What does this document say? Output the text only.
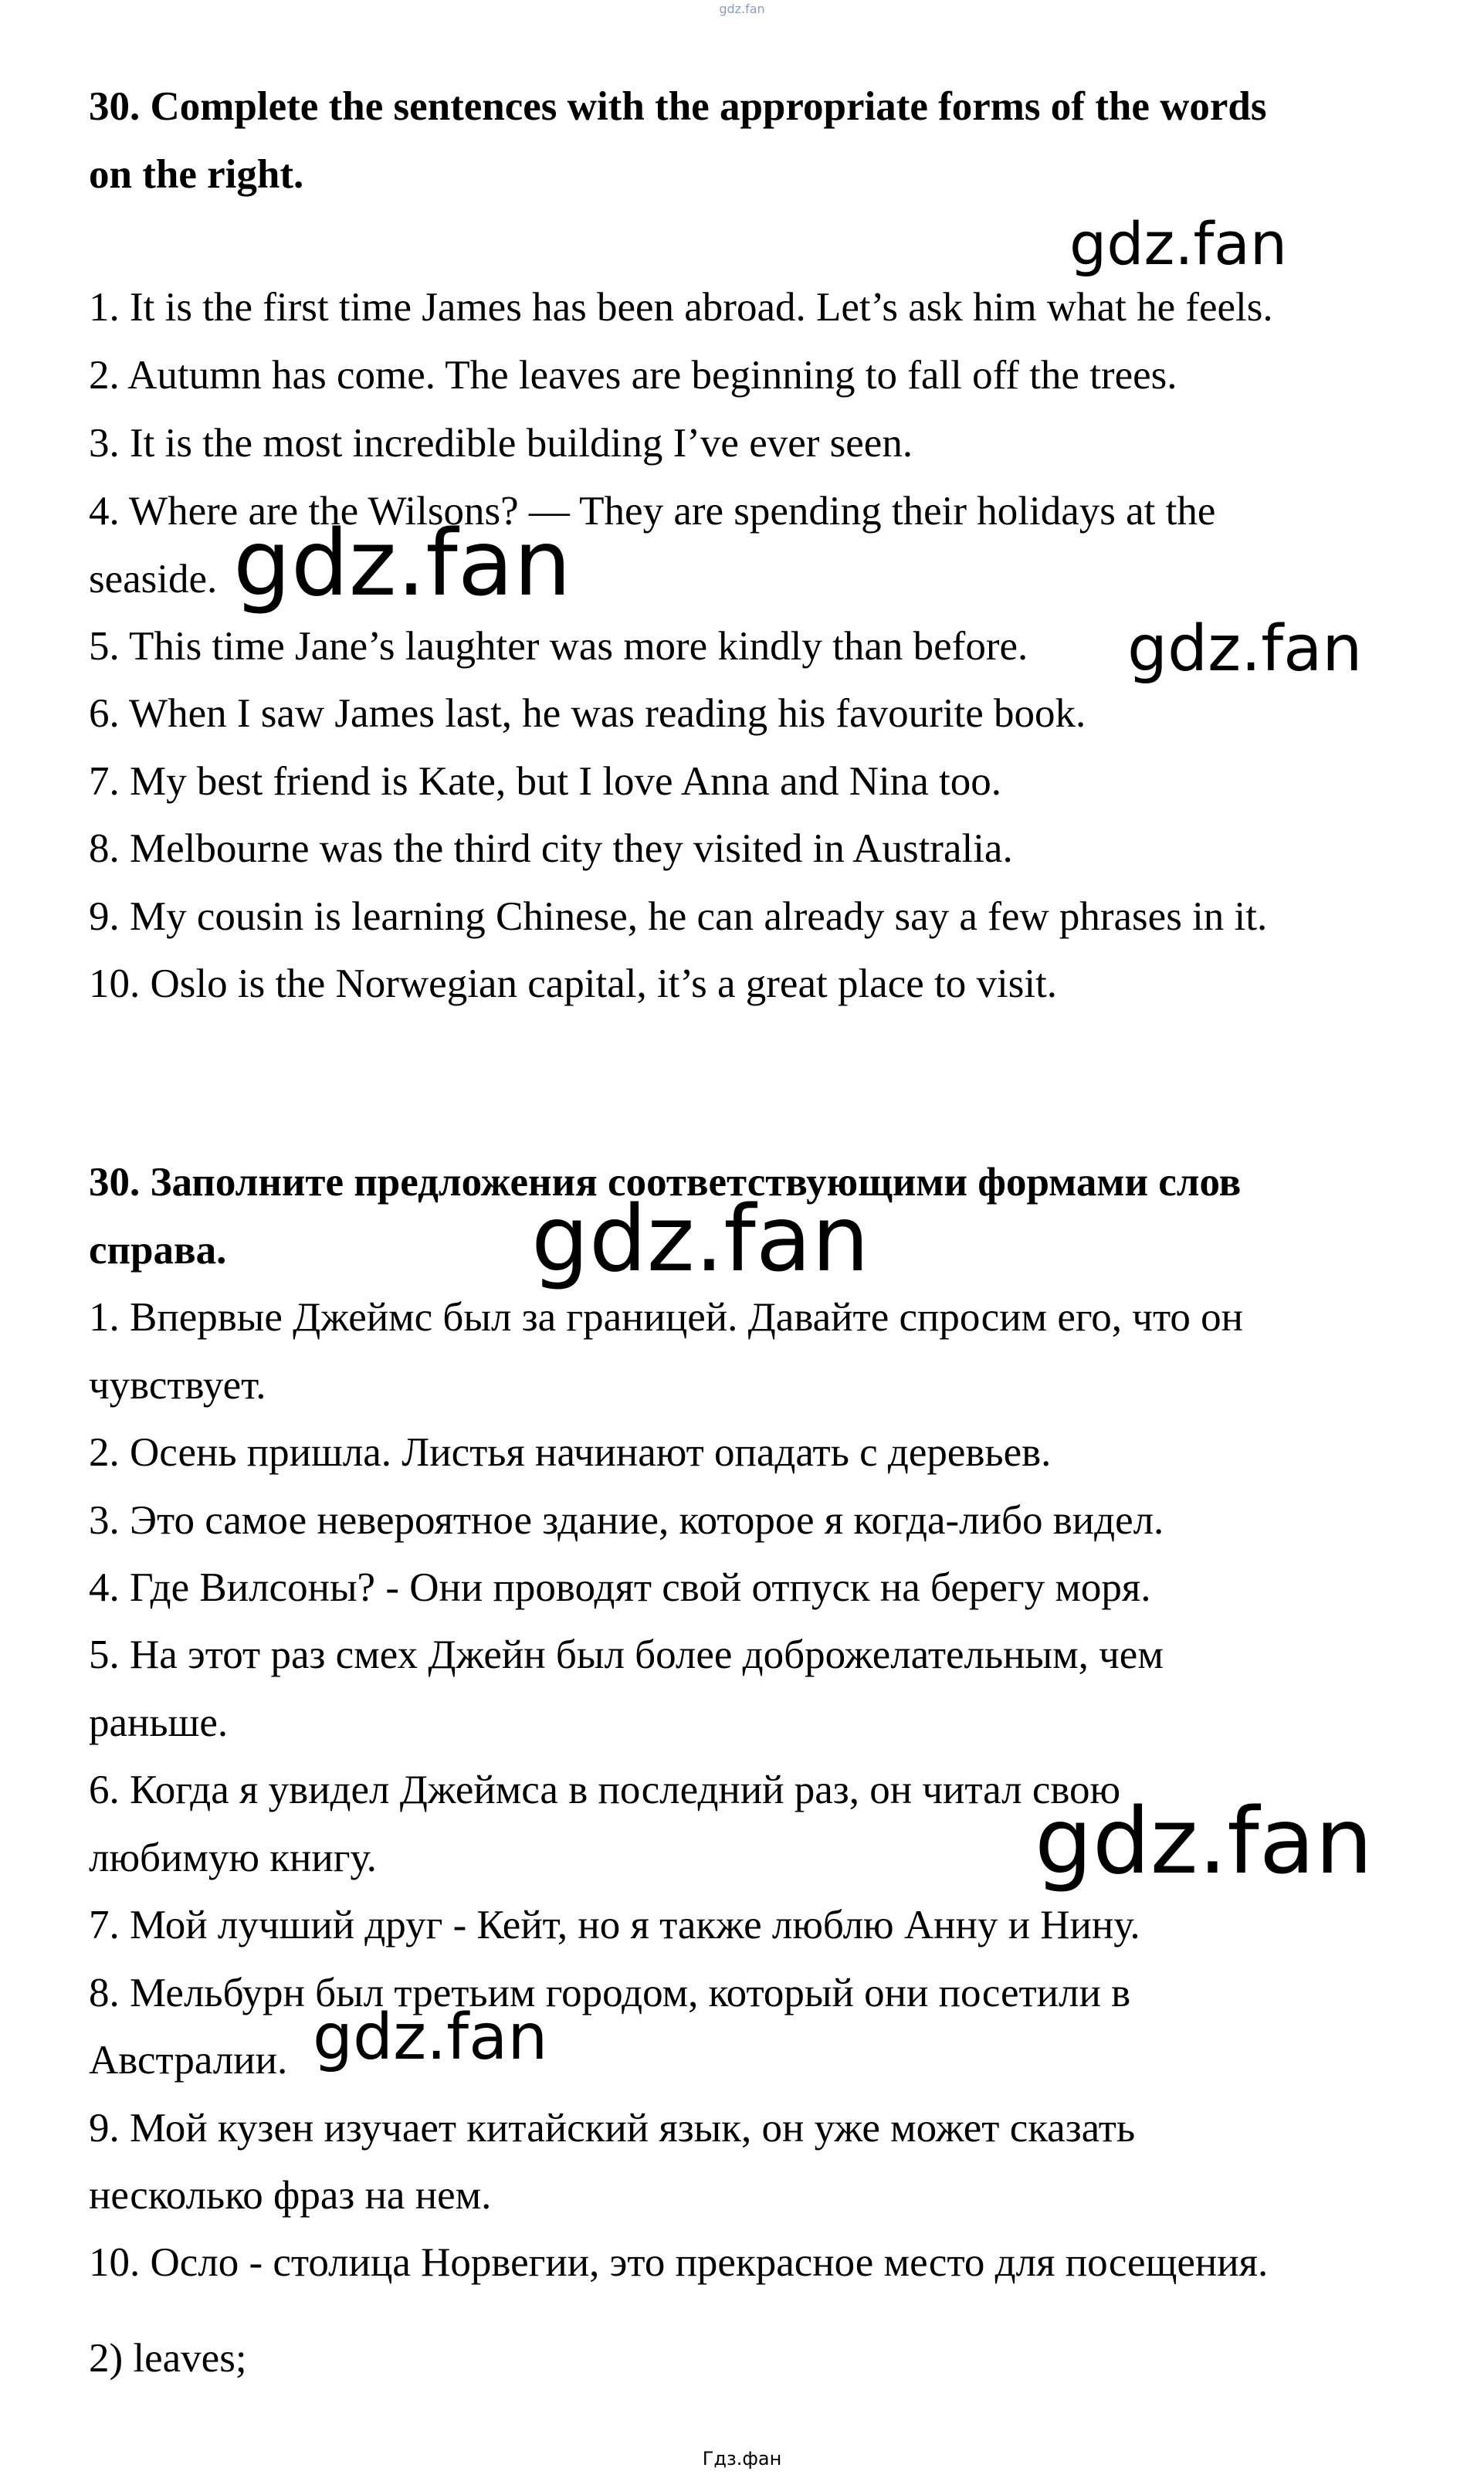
gdz.fan

30. Complete the sentences with the appropriate forms of the words

on the right.

1. It is the first time James has been abroad. Let’s ask him what he feels.

2. Autumn has come. The leaves are beginning to fall off the trees.

3. It is the most incredible building I’ve ever seen.

4. Where are the Wilsons? — They are spending their holidays at the

seaside.

5. This time Jane’s laughter was more kindly than before.

6. When I saw James last, he was reading his favourite book.

7. My best friend is Kate, but I love Anna and Nina too.

8. Melbourne was the third city they visited in Australia.

9. My cousin is learning Chinese, he can already say a few phrases in it.

10. Oslo is the Norwegian capital, it’s a great place to visit.

30. Заполните предложения соответствующими формами слов

справа.

1. Впервые Джеймс был за границей. Давайте спросим его, что он

чувствует.

2. Осень пришла. Листья начинают опадать с деревьев.

3. Это самое невероятное здание, которое я когда-либо видел.

4. Где Вилсоны? - Они проводят свой отпуск на берегу моря.

5. На этот раз смех Джейн был более доброжелательным, чем

раньше.

6. Когда я увидел Джеймса в последний раз, он читал свою

любимую книгу.

7. Мой лучший друг - Кейт, но я также люблю Анну и Нину.

8. Мельбурн был третьим городом, который они посетили в

Австралии.

9. Мой кузен изучает китайский язык, он уже может сказать

несколько фраз на нем.

10. Осло - столица Норвегии, это прекрасное место для посещения.

2) leaves;

gdz.fan
gdz.fan
gdz.fan
gdz.fan
gdz.fan
gdz.fan
Гдз.фан
